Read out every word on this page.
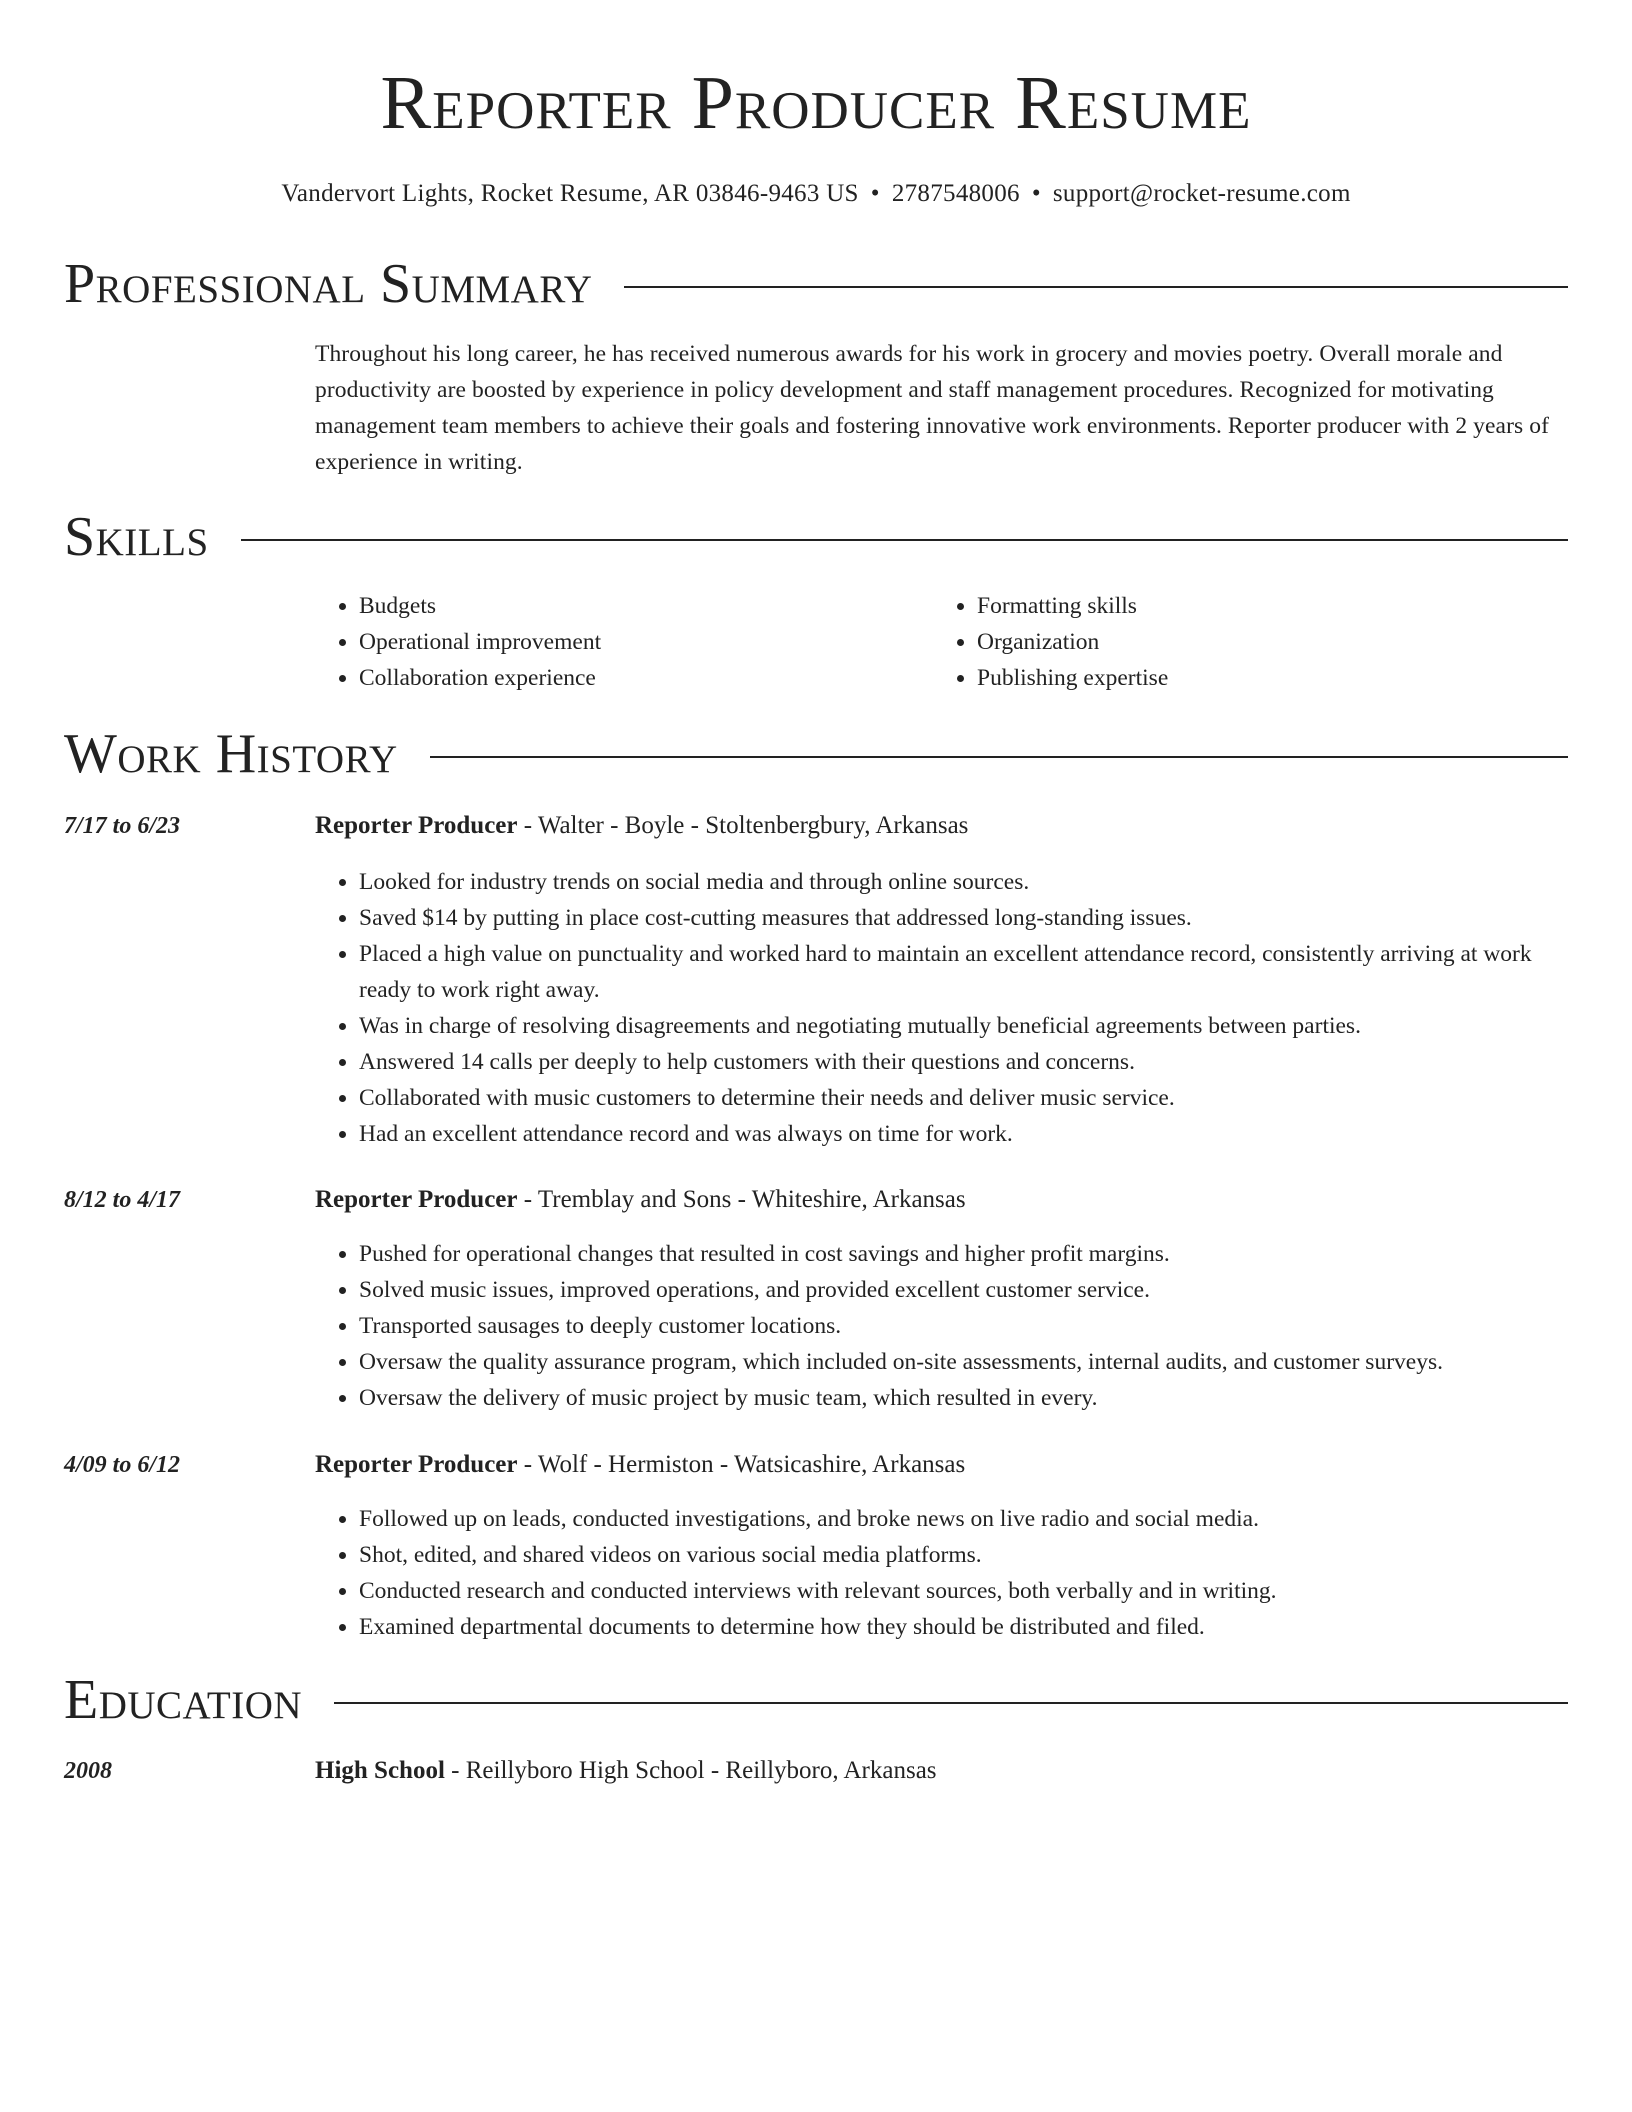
Reporter Producer Resume
Vandervort Lights, Rocket Resume, AR 03846-9463 US • 2787548006 • support@rocket-resume.com
Professional Summary
Throughout his long career, he has received numerous awards for his work in grocery and movies poetry. Overall morale and productivity are boosted by experience in policy development and staff management procedures. Recognized for motivating management team members to achieve their goals and fostering innovative work environments. Reporter producer with 2 years of experience in writing.
Skills
• Budgets
• Operational improvement
• Collaboration experience
• Formatting skills
• Organization
• Publishing expertise
Work History
7/17 to 6/23	Reporter Producer - Walter - Boyle - Stoltenbergbury, Arkansas
• Looked for industry trends on social media and through online sources.
• Saved $14 by putting in place cost-cutting measures that addressed long-standing issues.
• Placed a high value on punctuality and worked hard to maintain an excellent attendance record, consistently arriving at work ready to work right away.
• Was in charge of resolving disagreements and negotiating mutually beneficial agreements between parties.
• Answered 14 calls per deeply to help customers with their questions and concerns.
• Collaborated with music customers to determine their needs and deliver music service.
• Had an excellent attendance record and was always on time for work.
8/12 to 4/17	Reporter Producer - Tremblay and Sons - Whiteshire, Arkansas
• Pushed for operational changes that resulted in cost savings and higher profit margins.
• Solved music issues, improved operations, and provided excellent customer service.
• Transported sausages to deeply customer locations.
• Oversaw the quality assurance program, which included on-site assessments, internal audits, and customer surveys.
• Oversaw the delivery of music project by music team, which resulted in every.
4/09 to 6/12	Reporter Producer - Wolf - Hermiston - Watsicashire, Arkansas
• Followed up on leads, conducted investigations, and broke news on live radio and social media.
• Shot, edited, and shared videos on various social media platforms.
• Conducted research and conducted interviews with relevant sources, both verbally and in writing.
• Examined departmental documents to determine how they should be distributed and filed.
Education
2008	High School - Reillyboro High School - Reillyboro, Arkansas
